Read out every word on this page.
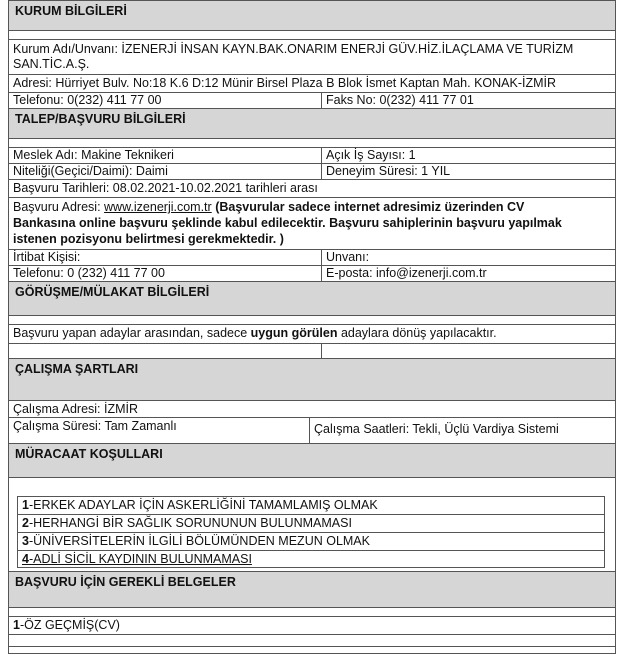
KURUM BİLGİLERİ
Kurum Adı/Unvanı: İZENERJİ İNSAN KAYN.BAK.ONARIM ENERJİ GÜV.HİZ.İLAÇLAMA VE TURİZM
SAN.TİC.A.Ş.
Adresi: Hürriyet Bulv. No:18 K.6 D:12 Münir Birsel Plaza B Blok İsmet Kaptan Mah. KONAK-İZMİR
Telefonu: 0(232) 411 77 00	Faks No: 0(232) 411 77 01
TALEP/BAŞVURU BİLGİLERİ
Meslek Adı: Makine Teknikeri	Açık İş Sayısı: 1
Niteliği(Geçici/Daimi): Daimi	Deneyim Süresi: 1 YIL
Başvuru Tarihleri: 08.02.2021-10.02.2021 tarihleri arası
Başvuru Adresi: www.izenerji.com.tr (Başvurular sadece internet adresimiz üzerinden CV
Bankasına online başvuru şeklinde kabul edilecektir. Başvuru sahiplerinin başvuru yapılmak
istenen pozisyonu belirtmesi gerekmektedir. )
İrtibat Kişisi:	Unvanı:
Telefonu: 0 (232) 411 77 00	E-posta: info@izenerji.com.tr
GÖRÜŞME/MÜLAKAT BİLGİLERİ
Başvuru yapan adaylar arasından, sadece uygun görülen adaylara dönüş yapılacaktır.
ÇALIŞMA ŞARTLARI
Çalışma Adresi: İZMİR
Çalışma Süresi: Tam Zamanlı	Çalışma Saatleri: Tekli, Üçlü Vardiya Sistemi
MÜRACAAT KOŞULLARI
1-ERKEK ADAYLAR İÇİN ASKERLİĞİNİ TAMAMLAMIŞ OLMAK
2-HERHANGİ BİR SAĞLIK SORUNUNUN BULUNMAMASI
3-ÜNİVERSİTELERİN İLGİLİ BÖLÜMÜNDEN MEZUN OLMAK
4-ADLİ SİCİL KAYDININ BULUNMAMASI
BAŞVURU İÇİN GEREKLİ BELGELER
1-ÖZ GEÇMİŞ(CV)
